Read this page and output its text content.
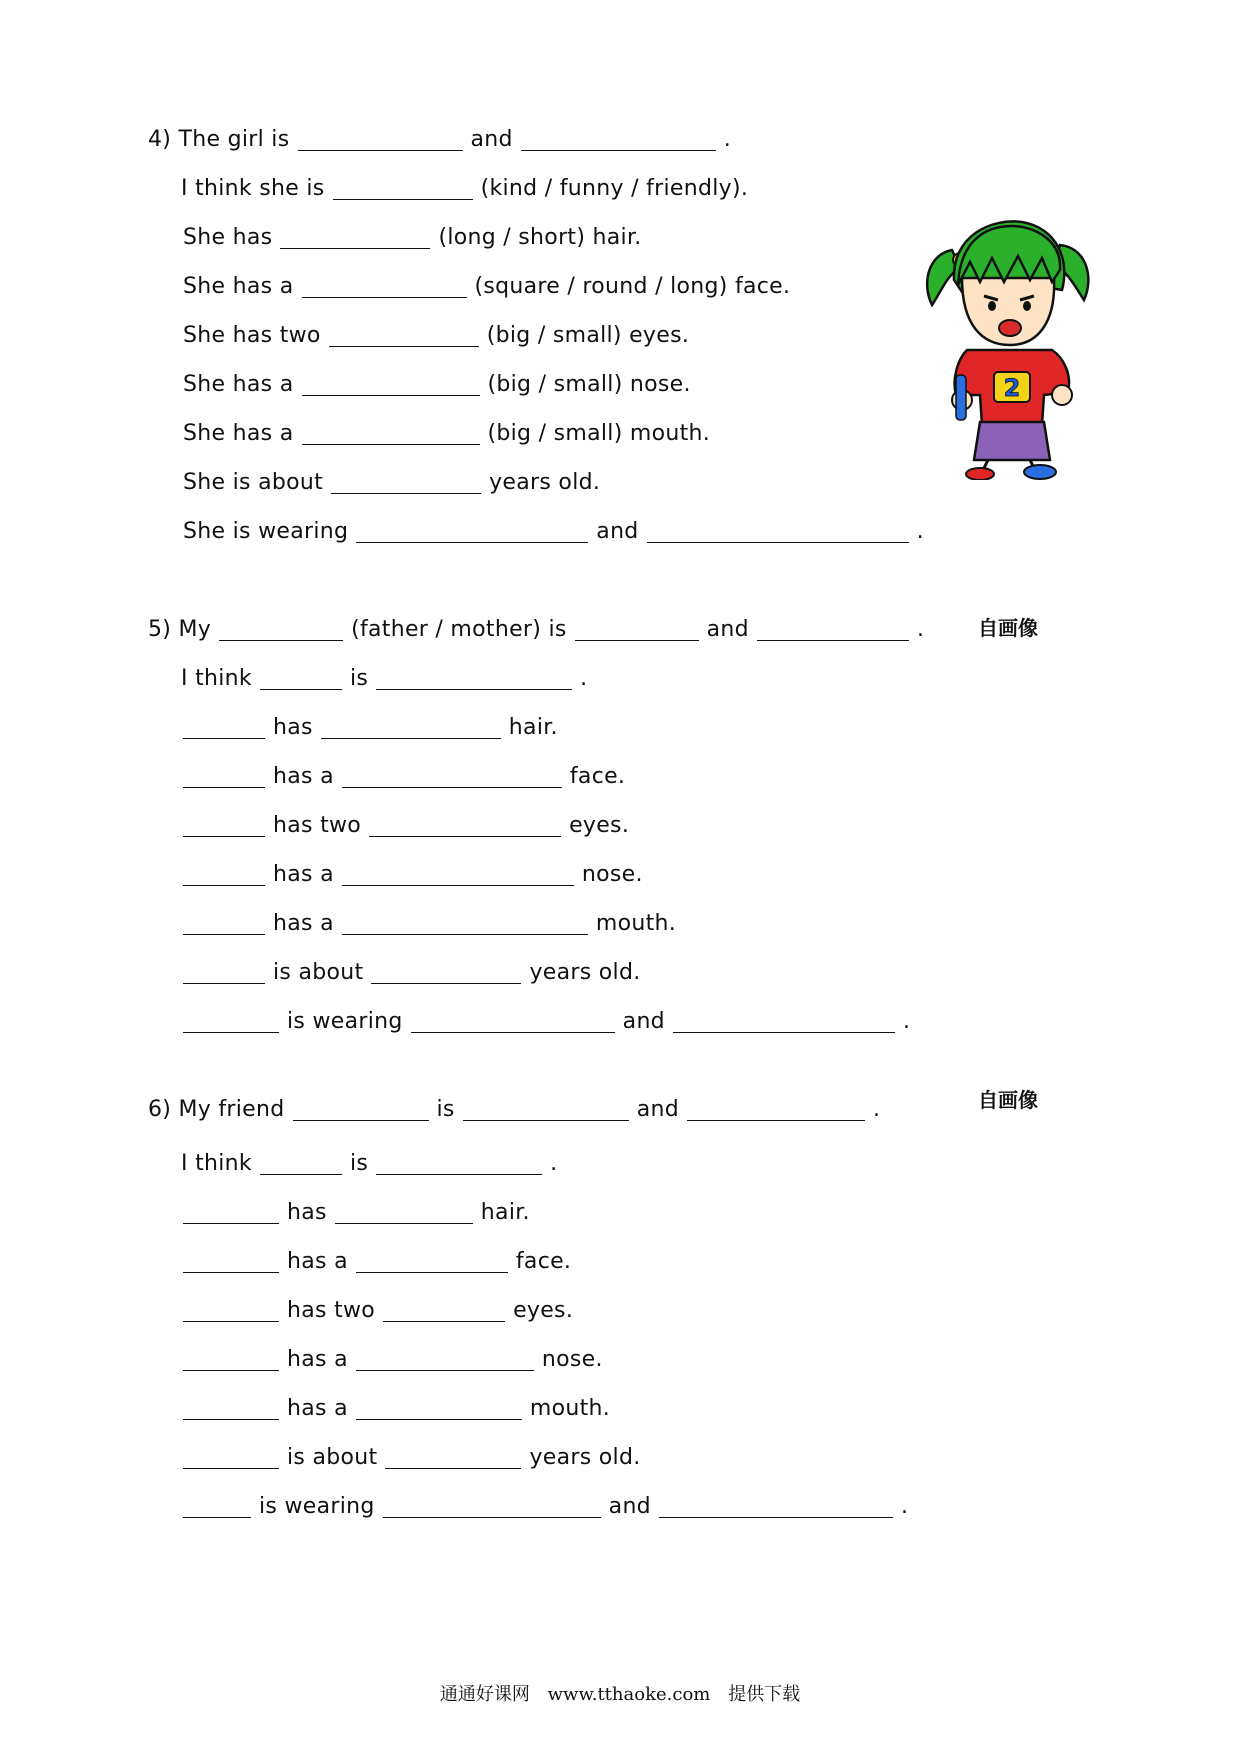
4) The girl is	and	.
I think she is	(kind / funny / friendly).
She has	(long / short) hair.
She has a	(square / round / long) face.
She has two	(big / small) eyes.
She has a	(big / small) nose.
She has a	(big / small) mouth.
She is about	years old.
She is wearing	and	.
5) My	(father / mother) is	and	.
I think	is	.
has	hair.
has a	face.
has two	eyes.
has a	nose.
has a	mouth.
is about	years old.
is wearing	and	.
6) My friend	is	and	.
I think	is	.
has	hair.
has a	face.
has two	eyes.
has a	nose.
has a	mouth.
is about	years old.
is wearing	and	.
自画像
自画像
2
通通好课网 www.tthaoke.com 提供下载
